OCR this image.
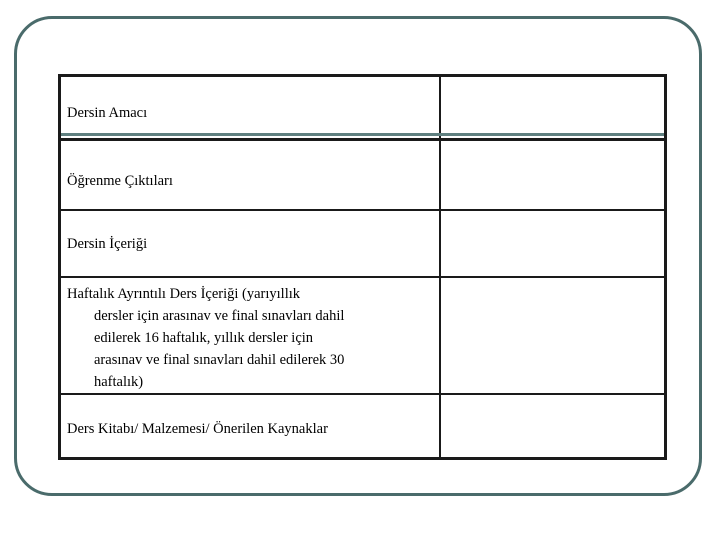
Dersin Amacı
Öğrenme Çıktıları
Dersin İçeriği
Haftalık Ayrıntılı Ders İçeriği (yarıyıllık
dersler için arasınav ve final sınavları dahil
edilerek 16 haftalık, yıllık dersler için
arasınav ve final sınavları dahil edilerek 30
haftalık)
Ders Kitabı/ Malzemesi/ Önerilen Kaynaklar
